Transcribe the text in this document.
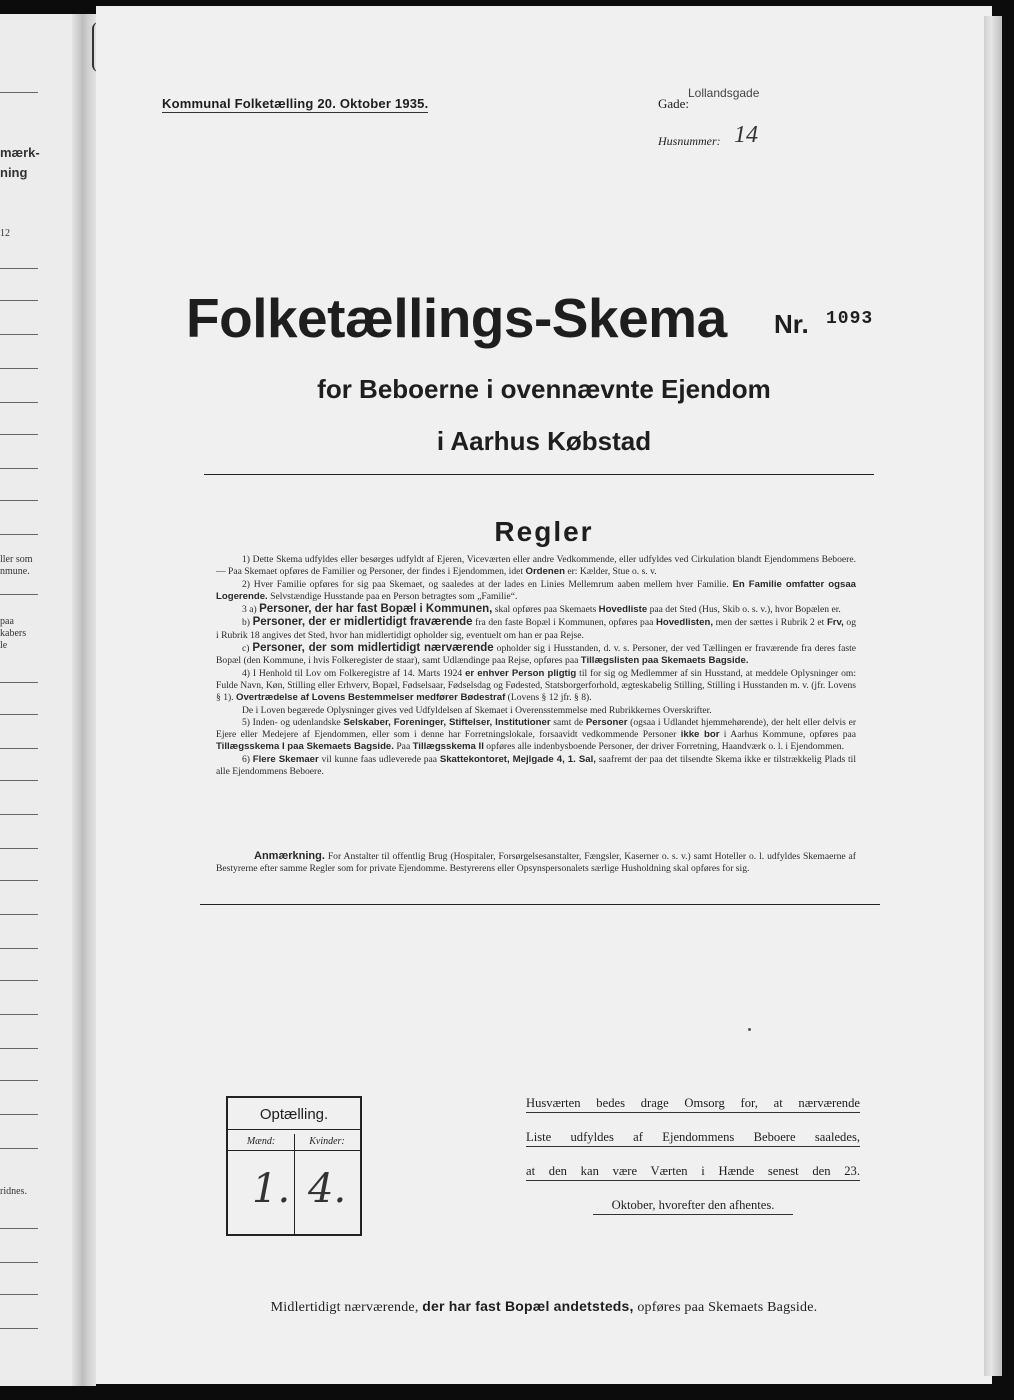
mærk-
ning
12
ller som
nmune.
paa
kabers
le
ridnes.
Kommunal Folketælling 20. Oktober 1935.	Gade:
Lollandsgade
Husnummer: 14
Folketællings-Skema Nr. 1093
for Beboerne i ovennævnte Ejendom
i Aarhus Købstad
Regler

1) Dette Skema udfyldes eller besørges udfyldt af Ejeren, Viceværten eller andre Vedkommende, eller udfyldes ved Cirkulation blandt Ejendommens Beboere. — Paa Skemaet opføres de Familier og Personer, der findes i Ejendommen, idet Ordenen er: Kælder, Stue o. s. v.

2) Hver Familie opføres for sig paa Skemaet, og saaledes at der lades en Linies Mellemrum aaben mellem hver Familie. En Familie omfatter ogsaa Logerende. Selvstændige Husstande paa en Person betragtes som „Familie“.

3 a) Personer, der har fast Bopæl i Kommunen, skal opføres paa Skemaets Hovedliste paa det Sted (Hus, Skib o. s. v.), hvor Bopælen er.

b) Personer, der er midlertidigt fraværende fra den faste Bopæl i Kommunen, opføres paa Hovedlisten, men der sættes i Rubrik 2 et Frv, og i Rubrik 18 angives det Sted, hvor han midlertidigt opholder sig, eventuelt om han er paa Rejse.

c) Personer, der som midlertidigt nærværende opholder sig i Husstanden, d. v. s. Personer, der ved Tællingen er fraværende fra deres faste Bopæl (den Kommune, i hvis Folkeregister de staar), samt Udlændinge paa Rejse, opføres paa Tillægslisten paa Skemaets Bagside.

4) I Henhold til Lov om Folkeregistre af 14. Marts 1924 er enhver Person pligtig til for sig og Medlemmer af sin Husstand, at meddele Oplysninger om: Fulde Navn, Køn, Stilling eller Erhverv, Bopæl, Fødselsaar, Fødselsdag og Fødested, Statsborgerforhold, ægteskabelig Stilling, Stilling i Husstanden m. v. (jfr. Lovens § 1). Overtrædelse af Lovens Bestemmelser medfører Bødestraf (Lovens § 12 jfr. § 8).

De i Loven begærede Oplysninger gives ved Udfyldelsen af Skemaet i Overensstemmelse med Rubrikkernes Overskrifter.

5) Inden- og udenlandske Selskaber, Foreninger, Stiftelser, Institutioner samt de Personer (ogsaa i Udlandet hjemmehørende), der helt eller delvis er Ejere eller Medejere af Ejendommen, eller som i denne har Forretningslokale, forsaavidt vedkommende Personer ikke bor i Aarhus Kommune, opføres paa Tillægsskema I paa Skemaets Bagside. Paa Tillægsskema II opføres alle indenbysboende Personer, der driver Forretning, Haandværk o. l. i Ejendommen.

6) Flere Skemaer vil kunne faas udleverede paa Skattekontoret, Mejlgade 4, 1. Sal, saafremt der paa det tilsendte Skema ikke er tilstrækkelig Plads til alle Ejendommens Beboere.

Anmærkning. For Anstalter til offentlig Brug (Hospitaler, Forsørgelsesanstalter, Fængsler, Kaserner o. s. v.) samt Hoteller o. l. udfyldes Skemaerne af Bestyrerne efter samme Regler som for private Ejendomme. Bestyrerens eller Opsynspersonalets særlige Husholdning skal opføres for sig.

Optælling.
Mænd:	Kvinder:
1. 4.
Husværten bedes drage Omsorg for, at nærværende
Liste udfyldes af Ejendommens Beboere saaledes,
at den kan være Værten i Hænde senest den 23.
Oktober, hvorefter den afhentes.
Midlertidigt nærværende, der har fast Bopæl andetsteds, opføres paa Skemaets Bagside.
